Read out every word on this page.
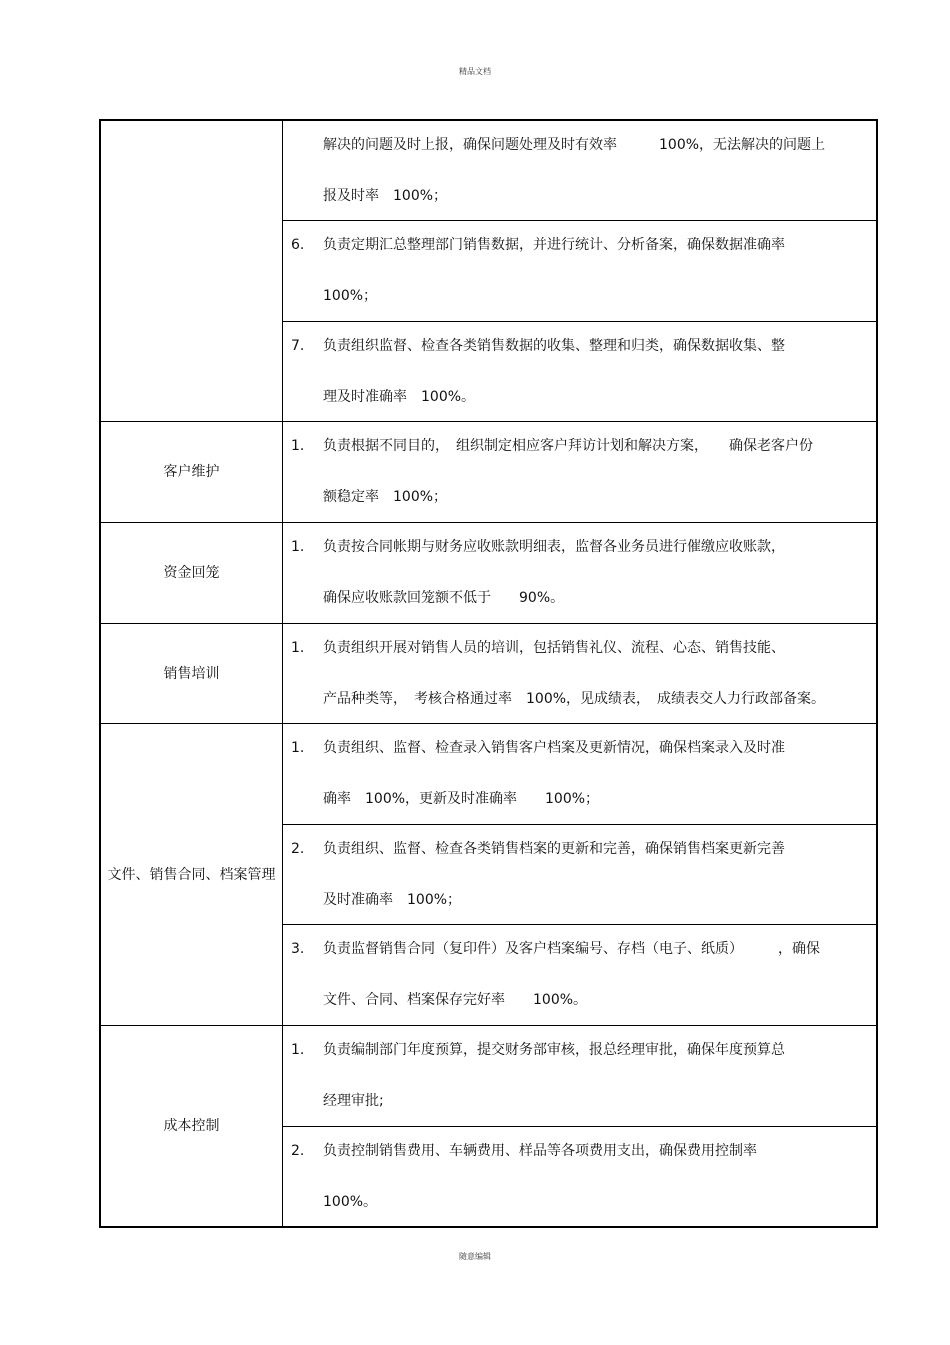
精品文档

	解决的问题及时上报，确保问题处理及时有效率　　　100%，无法解决的问题上
报及时率　100%；

	6. 负责定期汇总整理部门销售数据，并进行统计、分析备案，确保数据准确率
100%；

	7. 负责组织监督、检查各类销售数据的收集、整理和归类，确保数据收集、整
理及时准确率　100%。

客户维护	1. 负责根据不同目的，　组织制定相应客户拜访计划和解决方案，　　确保老客户份
额稳定率　100%；

资金回笼	1. 负责按合同帐期与财务应收账款明细表，监督各业务员进行催缴应收账款，
确保应收账款回笼额不低于　　90%。

销售培训	1. 负责组织开展对销售人员的培训，包括销售礼仪、流程、心态、销售技能、
产品种类等，　考核合格通过率　100%，见成绩表，　成绩表交人力行政部备案。

文件、销售合同、档案管理	1. 负责组织、监督、检查录入销售客户档案及更新情况，确保档案录入及时准
确率　100%，更新及时准确率　　100%；

	2. 负责组织、监督、检查各类销售档案的更新和完善，确保销售档案更新完善
及时准确率　100%；

	3. 负责监督销售合同（复印件）及客户档案编号、存档（电子、纸质）　　　，确保
文件、合同、档案保存完好率　　100%。

成本控制	1. 负责编制部门年度预算，提交财务部审核，报总经理审批，确保年度预算总
经理审批;

	2. 负责控制销售费用、车辆费用、样品等各项费用支出，确保费用控制率
100%。
随意编辑
